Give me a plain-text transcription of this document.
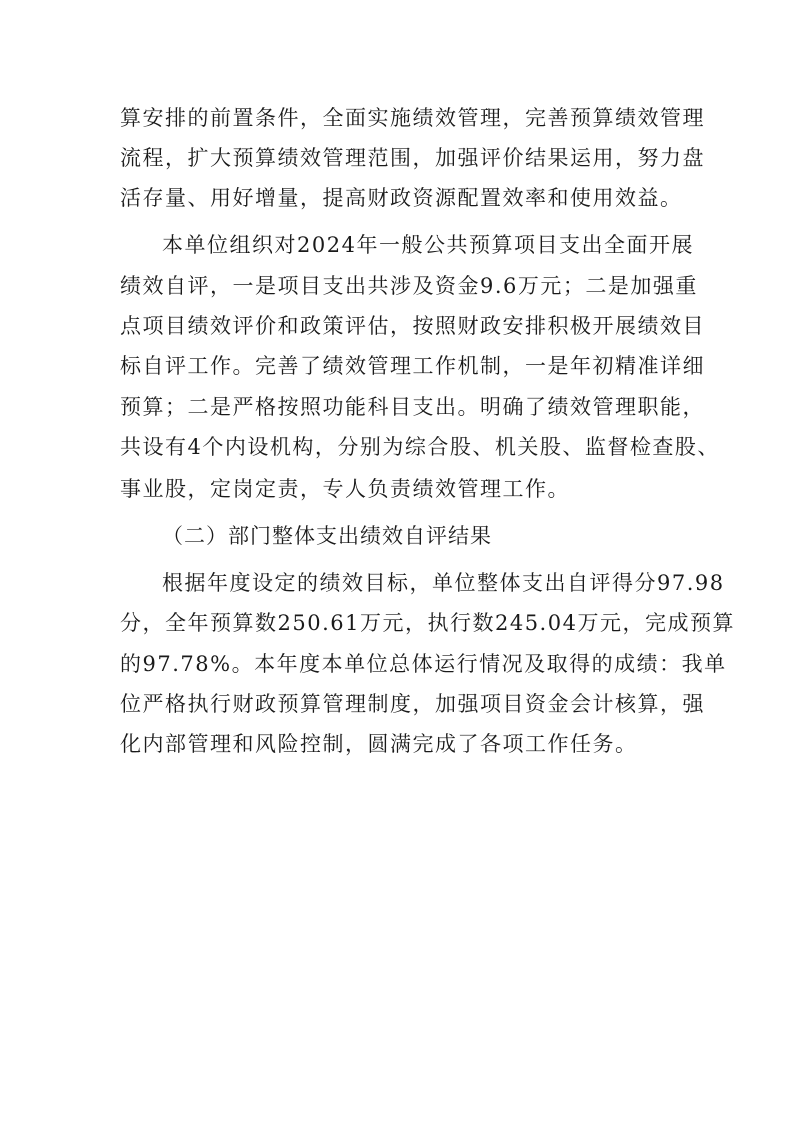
算安排的前置条件，全面实施绩效管理，完善预算绩效管理
流程，扩大预算绩效管理范围，加强评价结果运用，努力盘
活存量、用好增量，提高财政资源配置效率和使用效益。
本单位组织对2024年一般公共预算项目支出全面开展
绩效自评，一是项目支出共涉及资金9.6万元；二是加强重
点项目绩效评价和政策评估，按照财政安排积极开展绩效目
标自评工作。完善了绩效管理工作机制，一是年初精准详细
预算；二是严格按照功能科目支出。明确了绩效管理职能，
共设有4个内设机构，分别为综合股、机关股、监督检查股、
事业股，定岗定责，专人负责绩效管理工作。
（二）部门整体支出绩效自评结果
根据年度设定的绩效目标，单位整体支出自评得分97.98
分，全年预算数250.61万元，执行数245.04万元，完成预算
的97.78%。本年度本单位总体运行情况及取得的成绩：我单
位严格执行财政预算管理制度，加强项目资金会计核算，强
化内部管理和风险控制，圆满完成了各项工作任务。
